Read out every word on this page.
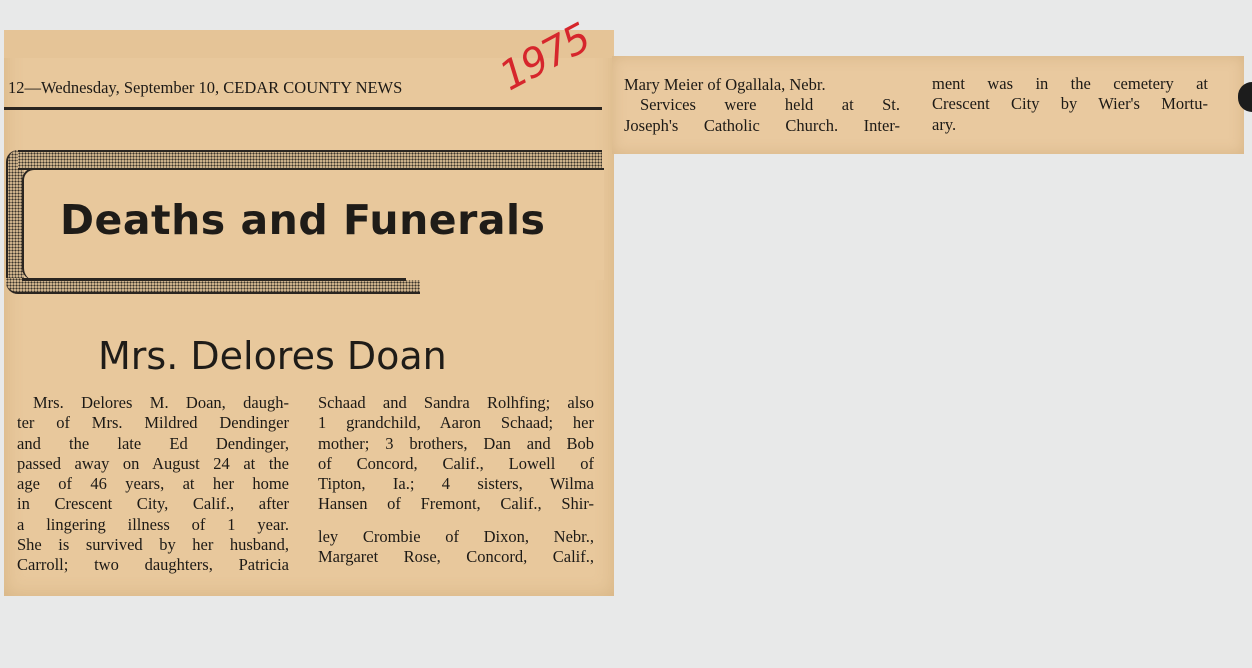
12—Wednesday, September 10, CEDAR COUNTY NEWS	1975
Deaths and Funerals
Mrs. Delores Doan
Mrs. Delores M. Doan, daugh-
ter of Mrs. Mildred Dendinger
and the late Ed Dendinger,
passed away on August 24 at the
age of 46 years, at her home
in Crescent City, Calif., after
a lingering illness of 1 year.
She is survived by her husband,
Carroll; two daughters, Patricia
Schaad and Sandra Rolhfing; also
1 grandchild, Aaron Schaad; her
mother; 3 brothers, Dan and Bob
of Concord, Calif., Lowell of
Tipton, Ia.; 4 sisters, Wilma
Hansen of Fremont, Calif., Shir-
ley Crombie of Dixon, Nebr.,
Margaret Rose, Concord, Calif.,
Mary Meier of Ogallala, Nebr.
Services were held at St.
Joseph's Catholic Church. Inter-
ment was in the cemetery at
Crescent City by Wier's Mortu-
ary.
